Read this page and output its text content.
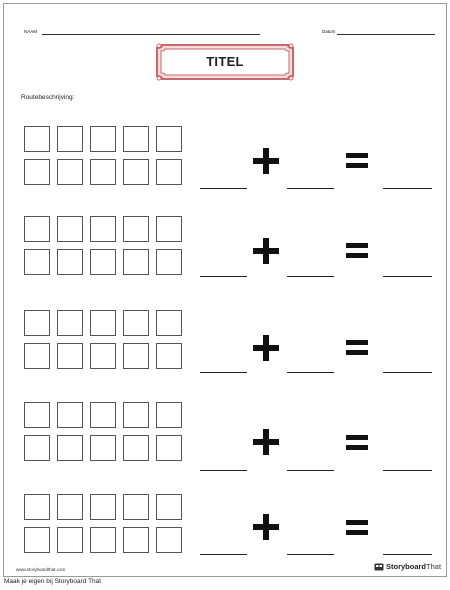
NAAM	Datum
TITEL
Routebeschrijving:
www.storyboardthat.com	StoryboardThat
Maak je eigen bij Storyboard That
